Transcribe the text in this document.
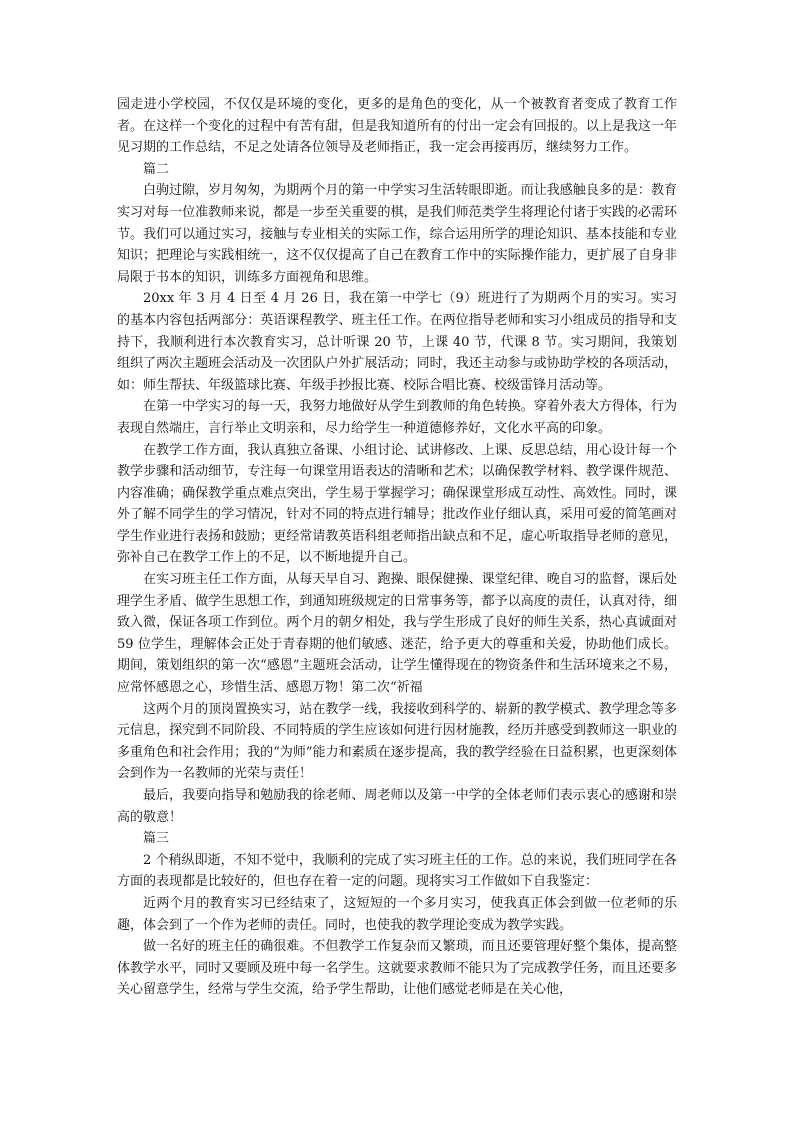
园走进小学校园，不仅仅是环境的变化，更多的是角色的变化，从一个被教育者变成了教育工作者。在这样一个变化的过程中有苦有甜，但是我知道所有的付出一定会有回报的。以上是我这一年见习期的工作总结，不足之处请各位领导及老师指正，我一定会再接再厉，继续努力工作。

篇二

白驹过隙，岁月匆匆，为期两个月的第一中学实习生活转眼即逝。而让我感触良多的是：教育实习对每一位准教师来说，都是一步至关重要的棋，是我们师范类学生将理论付诸于实践的必需环节。我们可以通过实习，接触与专业相关的实际工作，综合运用所学的理论知识、基本技能和专业知识；把理论与实践相统一，这不仅仅提高了自己在教育工作中的实际操作能力，更扩展了自身非局限于书本的知识，训练多方面视角和思维。

20xx 年 3 月 4 日至 4 月 26 日，我在第一中学七（9）班进行了为期两个月的实习。实习的基本内容包括两部分：英语课程教学、班主任工作。在两位指导老师和实习小组成员的指导和支持下，我顺利进行本次教育实习，总计听课 20 节，上课 40 节，代课 8 节。实习期间，我策划组织了两次主题班会活动及一次团队户外扩展活动；同时，我还主动参与或协助学校的各项活动，如：师生帮扶、年级篮球比赛、年级手抄报比赛、校际合唱比赛、校级雷锋月活动等。

在第一中学实习的每一天，我努力地做好从学生到教师的角色转换。穿着外表大方得体，行为表现自然端庄，言行举止文明亲和，尽力给学生一种道德修养好，文化水平高的印象。

在教学工作方面，我认真独立备课、小组讨论、试讲修改、上课、反思总结，用心设计每一个教学步骤和活动细节，专注每一句课堂用语表达的清晰和艺术；以确保教学材料、教学课件规范、内容准确；确保教学重点难点突出，学生易于掌握学习；确保课堂形成互动性、高效性。同时，课外了解不同学生的学习情况，针对不同的特点进行辅导；批改作业仔细认真，采用可爱的简笔画对学生作业进行表扬和鼓励；更经常请教英语科组老师指出缺点和不足，虚心听取指导老师的意见，弥补自己在教学工作上的不足，以不断地提升自己。

在实习班主任工作方面，从每天早自习、跑操、眼保健操、课堂纪律、晚自习的监督，课后处理学生矛盾、做学生思想工作，到通知班级规定的日常事务等，都予以高度的责任，认真对待，细致入微，保证各项工作到位。两个月的朝夕相处，我与学生形成了良好的师生关系，热心真诚面对 59 位学生，理解体会正处于青春期的他们敏感、迷茫，给予更大的尊重和关爱，协助他们成长。期间，策划组织的第一次“感恩”主题班会活动，让学生懂得现在的物资条件和生活环境来之不易，应常怀感恩之心，珍惜生活、感恩万物！第二次“祈福

这两个月的顶岗置换实习，站在教学一线，我接收到科学的、崭新的教学模式、教学理念等多元信息，探究到不同阶段、不同特质的学生应该如何进行因材施教，经历并感受到教师这一职业的多重角色和社会作用；我的“为师”能力和素质在逐步提高，我的教学经验在日益积累，也更深刻体会到作为一名教师的光荣与责任！

最后，我要向指导和勉励我的徐老师、周老师以及第一中学的全体老师们表示衷心的感谢和崇高的敬意！

篇三

2 个稍纵即逝，不知不觉中，我顺利的完成了实习班主任的工作。总的来说，我们班同学在各方面的表现都是比较好的，但也存在着一定的问题。现将实习工作做如下自我鉴定：

近两个月的教育实习已经结束了，这短短的一个多月实习，使我真正体会到做一位老师的乐趣，体会到了一个作为老师的责任。同时，也使我的教学理论变成为教学实践。

做一名好的班主任的确很难。不但教学工作复杂而又繁琐，而且还要管理好整个集体，提高整体教学水平，同时又要顾及班中每一名学生。这就要求教师不能只为了完成教学任务，而且还要多关心留意学生，经常与学生交流，给予学生帮助，让他们感觉老师是在关心他，
